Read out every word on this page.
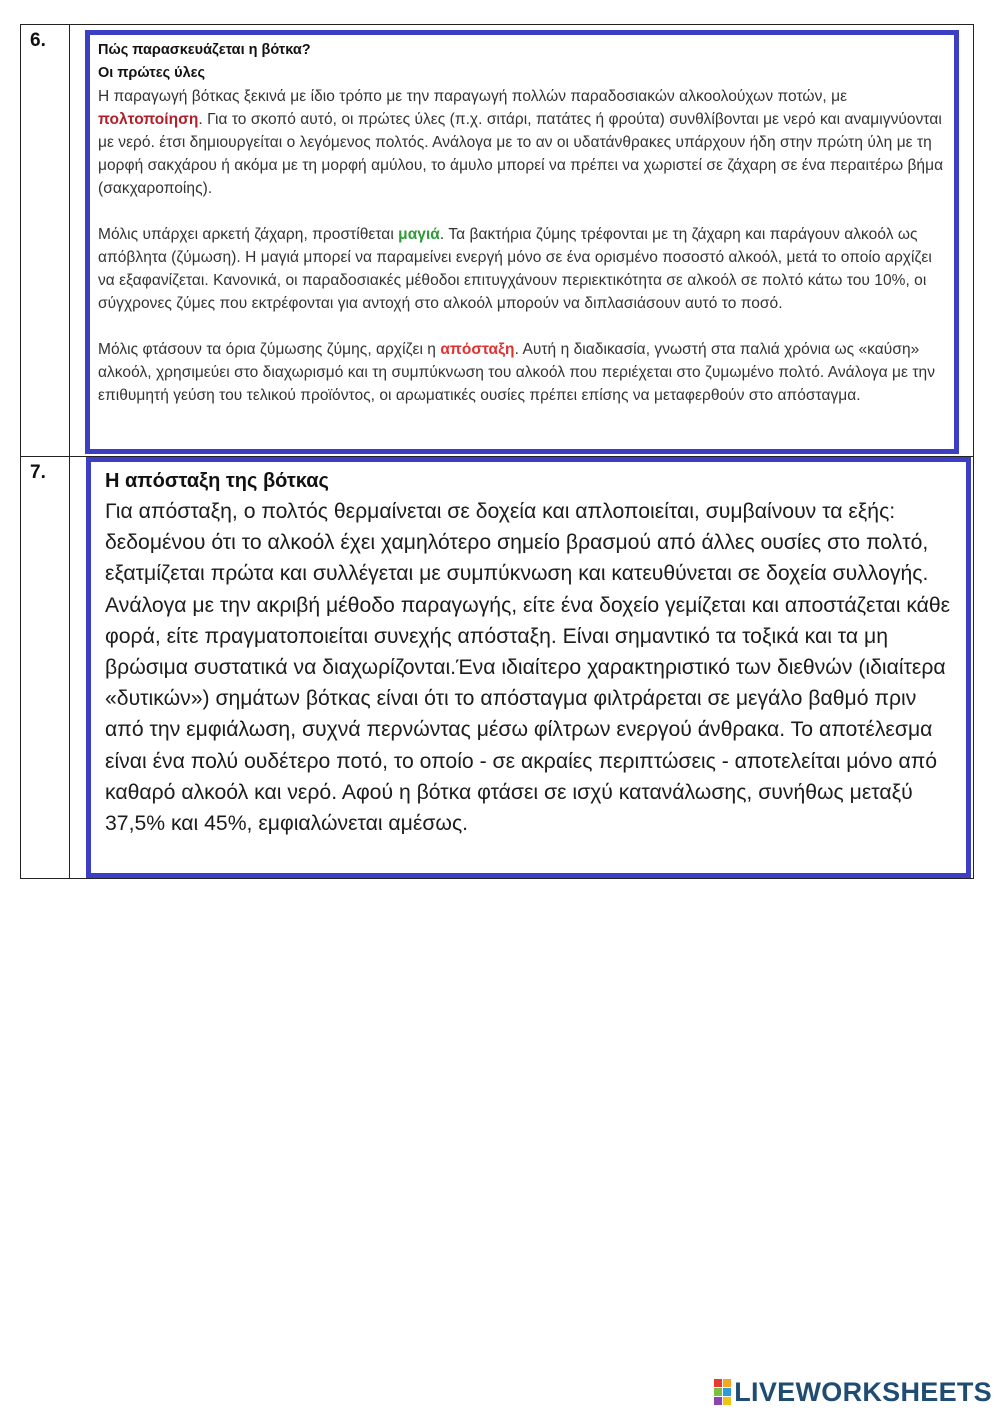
6.
7.
Πώς παρασκευάζεται η βότκα?
Οι πρώτες ύλες

Η παραγωγή βότκας ξεκινά με ίδιο τρόπο με την παραγωγή πολλών παραδοσιακών αλκοολούχων ποτών, με πολτοποίηση. Για το σκοπό αυτό, οι πρώτες ύλες (π.χ. σιτάρι, πατάτες ή φρούτα) συνθλίβονται με νερό και αναμιγνύονται με νερό. έτσι δημιουργείται ο λεγόμενος πολτός. Ανάλογα με το αν οι υδατάνθρακες υπάρχουν ήδη στην πρώτη ύλη με τη μορφή σακχάρου ή ακόμα με τη μορφή αμύλου, το άμυλο μπορεί να πρέπει να χωριστεί σε ζάχαρη σε ένα περαιτέρω βήμα (σακχαροποίης).

Μόλις υπάρχει αρκετή ζάχαρη, προστίθεται μαγιά. Τα βακτήρια ζύμης τρέφονται με τη ζάχαρη και παράγουν αλκοόλ ως απόβλητα (ζύμωση). Η μαγιά μπορεί να παραμείνει ενεργή μόνο σε ένα ορισμένο ποσοστό αλκοόλ, μετά το οποίο αρχίζει να εξαφανίζεται. Κανονικά, οι παραδοσιακές μέθοδοι επιτυγχάνουν περιεκτικότητα σε αλκοόλ σε πολτό κάτω του 10%, οι σύγχρονες ζύμες που εκτρέφονται για αντοχή στο αλκοόλ μπορούν να διπλασιάσουν αυτό το ποσό.

Μόλις φτάσουν τα όρια ζύμωσης ζύμης, αρχίζει η απόσταξη. Αυτή η διαδικασία, γνωστή στα παλιά χρόνια ως «καύση» αλκοόλ, χρησιμεύει στο διαχωρισμό και τη συμπύκνωση του αλκοόλ που περιέχεται στο ζυμωμένο πολτό. Ανάλογα με την επιθυμητή γεύση του τελικού προϊόντος, οι αρωματικές ουσίες πρέπει επίσης να μεταφερθούν στο απόσταγμα.

Η απόσταξη της βότκας
Για απόσταξη, ο πολτός θερμαίνεται σε δοχεία και απλοποιείται, συμβαίνουν τα εξής: δεδομένου ότι το αλκοόλ έχει χαμηλότερο σημείο βρασμού από άλλες ουσίες στο πολτό, εξατμίζεται πρώτα και συλλέγεται με συμπύκνωση και κατευθύνεται σε δοχεία συλλογής. Ανάλογα με την ακριβή μέθοδο παραγωγής, είτε ένα δοχείο γεμίζεται και αποστάζεται κάθε φορά, είτε πραγματοποιείται συνεχής απόσταξη. Είναι σημαντικό τα τοξικά και τα μη βρώσιμα συστατικά να διαχωρίζονται.Ένα ιδιαίτερο χαρακτηριστικό των διεθνών (ιδιαίτερα «δυτικών») σημάτων βότκας είναι ότι το απόσταγμα φιλτράρεται σε μεγάλο βαθμό πριν από την εμφιάλωση, συχνά περνώντας μέσω φίλτρων ενεργού άνθρακα. Το αποτέλεσμα είναι ένα πολύ ουδέτερο ποτό, το οποίο - σε ακραίες περιπτώσεις - αποτελείται μόνο από καθαρό αλκοόλ και νερό. Αφού η βότκα φτάσει σε ισχύ κατανάλωσης, συνήθως μεταξύ 37,5% και 45%, εμφιαλώνεται αμέσως.
LIVEWORKSHEETS
